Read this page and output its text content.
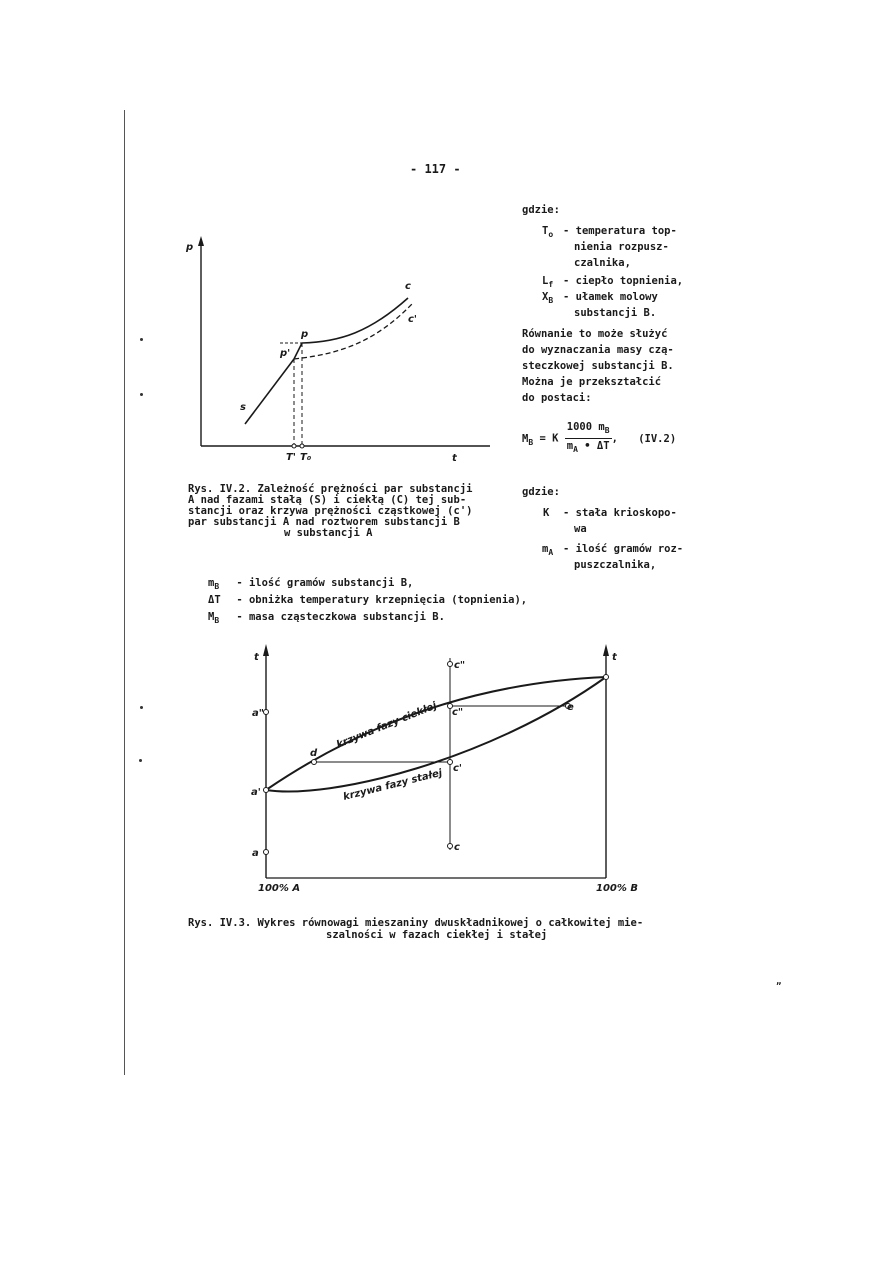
„
- 117 -
p
t
c
c'
p
p'
s
T' T₀
Rys. IV.2. Zależność prężności par substancji
A nad fazami stałą (S) i ciekłą (C) tej sub-
stancji oraz krzywa prężności cząstkowej (c')
par substancji A nad roztworem substancji B
w substancji A
gdzie:
$T_o$ - temperatura top-
nienia rozpusz-
czalnika,
$L_f$ - ciepło topnienia,
$X_B$ - ułamek molowy
substancji B.
Równanie to może służyć
do wyznaczania masy czą-
steczkowej substancji B.
Można je przekształcić
do postaci:
$M_B = K \frac{1000 m_B}{m_A • \Delta T}$ , (IV.2)
gdzie:
K - stała krioskopo-
wa
$m_A$ - ilość gramów roz-
puszczalnika,
$m_B$ - ilość gramów substancji B,
ΔT - obniżka temperatury krzepnięcia (topnienia),
$M_B$ - masa cząsteczkowa substancji B.
t	t
a"
a'
a
d
e
c"
c"
c'
c
krzywa fazy ciekłej
krzywa fazy stałej
100% A	100% B
Rys. IV.3. Wykres równowagi mieszaniny dwuskładnikowej o całkowitej mie-
szalności w fazach ciekłej i stałej
